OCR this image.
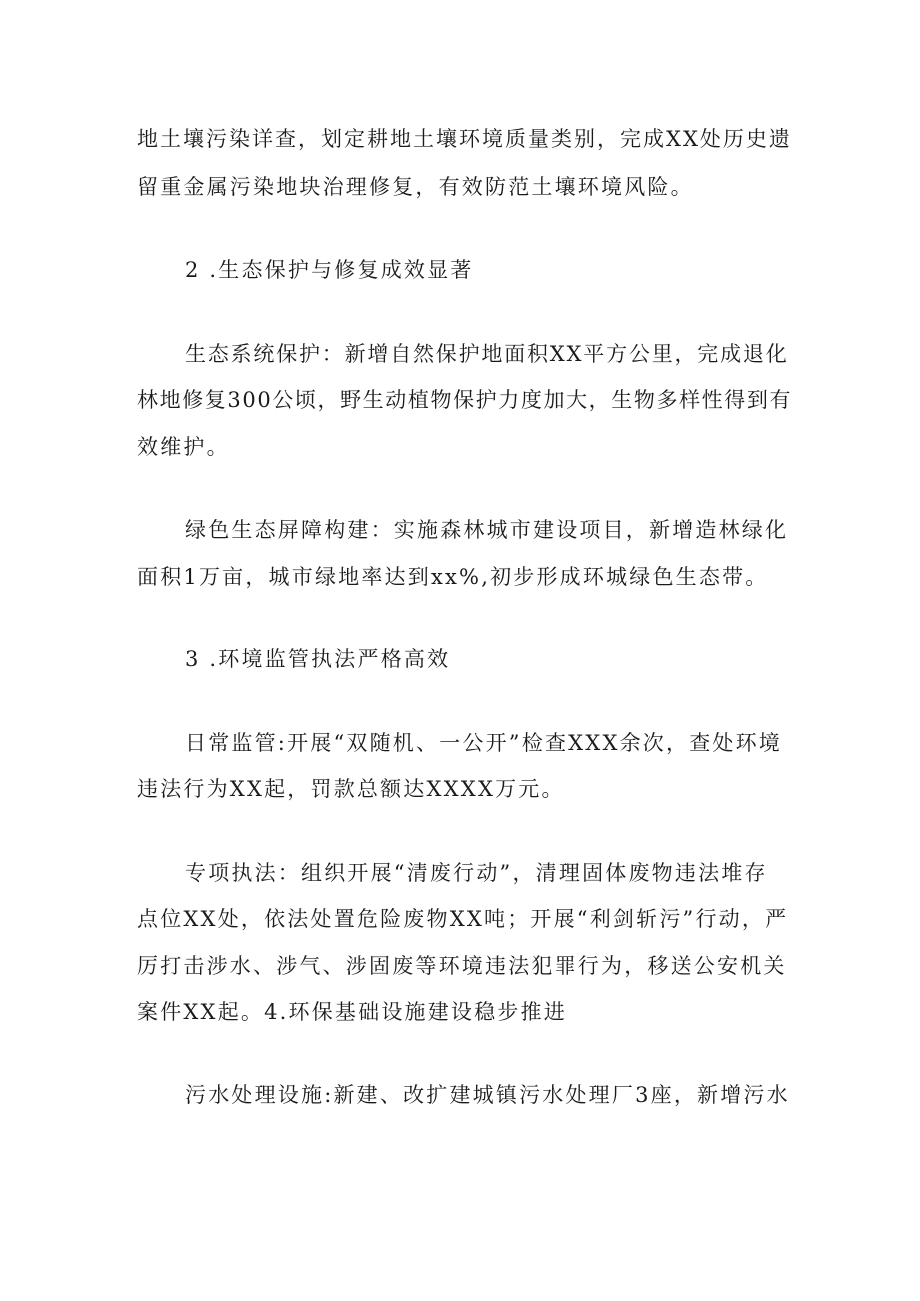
地土壤污染详查，划定耕地土壤环境质量类别，完成XX处历史遗

留重金属污染地块治理修复，有效防范土壤环境风险。

2 .生态保护与修复成效显著

生态系统保护：新增自然保护地面积XX平方公里，完成退化

林地修复300公顷，野生动植物保护力度加大，生物多样性得到有

效维护。

绿色生态屏障构建：实施森林城市建设项目，新增造林绿化

面积1万亩，城市绿地率达到xx%,初步形成环城绿色生态带。

3 .环境监管执法严格高效

日常监管:开展“双随机、一公开”检查XXX余次，查处环境

违法行为XX起，罚款总额达XXXX万元。

专项执法：组织开展“清废行动”，清理固体废物违法堆存

点位XX处，依法处置危险废物XX吨；开展“利剑斩污”行动，严

厉打击涉水、涉气、涉固废等环境违法犯罪行为，移送公安机关

案件XX起。4.环保基础设施建设稳步推进

污水处理设施:新建、改扩建城镇污水处理厂3座，新增污水
